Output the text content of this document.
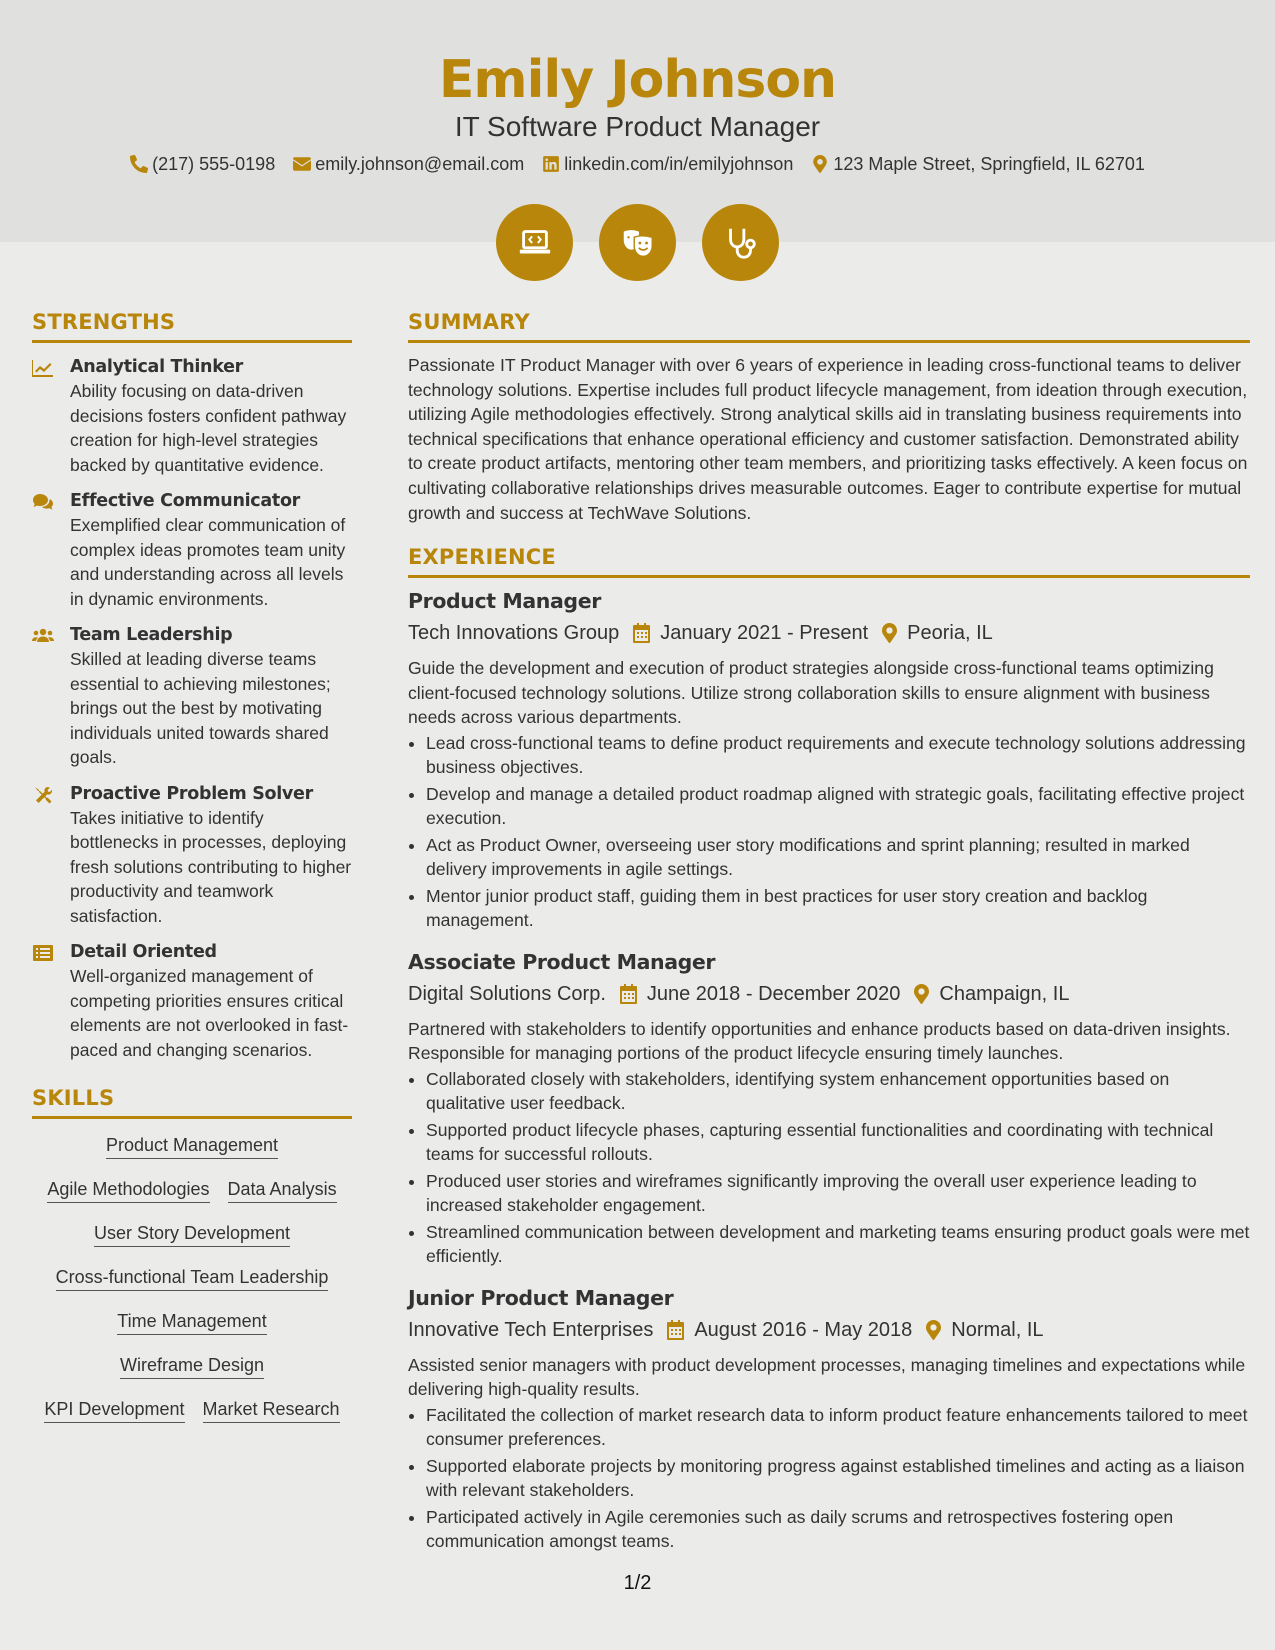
Emily Johnson
IT Software Product Manager
(217) 555-0198 emily.johnson@email.com linkedin.com/in/emilyjohnson 123 Maple Street, Springfield, IL 62701
STRENGTHS
Analytical Thinker
Ability focusing on data-driven decisions fosters confident pathway creation for high-level strategies backed by quantitative evidence.
Effective Communicator
Exemplified clear communication of complex ideas promotes team unity and understanding across all levels in dynamic environments.
Team Leadership
Skilled at leading diverse teams essential to achieving milestones; brings out the best by motivating individuals united towards shared goals.
Proactive Problem Solver
Takes initiative to identify bottlenecks in processes, deploying fresh solutions contributing to higher productivity and teamwork satisfaction.
Detail Oriented
Well-organized management of competing priorities ensures critical elements are not overlooked in fast-paced and changing scenarios.
SKILLS
Product Management
Agile Methodologies Data Analysis
User Story Development
Cross-functional Team Leadership
Time Management
Wireframe Design
KPI Development Market Research
SUMMARY
Passionate IT Product Manager with over 6 years of experience in leading cross-functional teams to deliver technology solutions. Expertise includes full product lifecycle management, from ideation through execution, utilizing Agile methodologies effectively. Strong analytical skills aid in translating business requirements into technical specifications that enhance operational efficiency and customer satisfaction. Demonstrated ability to create product artifacts, mentoring other team members, and prioritizing tasks effectively. A keen focus on cultivating collaborative relationships drives measurable outcomes. Eager to contribute expertise for mutual growth and success at TechWave Solutions.
EXPERIENCE
Product Manager
Tech Innovations Group January 2021 - Present Peoria, IL
Guide the development and execution of product strategies alongside cross-functional teams optimizing client-focused technology solutions. Utilize strong collaboration skills to ensure alignment with business needs across various departments.
• Lead cross-functional teams to define product requirements and execute technology solutions addressing business objectives.
• Develop and manage a detailed product roadmap aligned with strategic goals, facilitating effective project execution.
• Act as Product Owner, overseeing user story modifications and sprint planning; resulted in marked delivery improvements in agile settings.
• Mentor junior product staff, guiding them in best practices for user story creation and backlog management.
Associate Product Manager
Digital Solutions Corp. June 2018 - December 2020 Champaign, IL
Partnered with stakeholders to identify opportunities and enhance products based on data-driven insights. Responsible for managing portions of the product lifecycle ensuring timely launches.
• Collaborated closely with stakeholders, identifying system enhancement opportunities based on qualitative user feedback.
• Supported product lifecycle phases, capturing essential functionalities and coordinating with technical teams for successful rollouts.
• Produced user stories and wireframes significantly improving the overall user experience leading to increased stakeholder engagement.
• Streamlined communication between development and marketing teams ensuring product goals were met efficiently.
Junior Product Manager
Innovative Tech Enterprises August 2016 - May 2018 Normal, IL
Assisted senior managers with product development processes, managing timelines and expectations while delivering high-quality results.
• Facilitated the collection of market research data to inform product feature enhancements tailored to meet consumer preferences.
• Supported elaborate projects by monitoring progress against established timelines and acting as a liaison with relevant stakeholders.
• Participated actively in Agile ceremonies such as daily scrums and retrospectives fostering open communication amongst teams.
1/2
